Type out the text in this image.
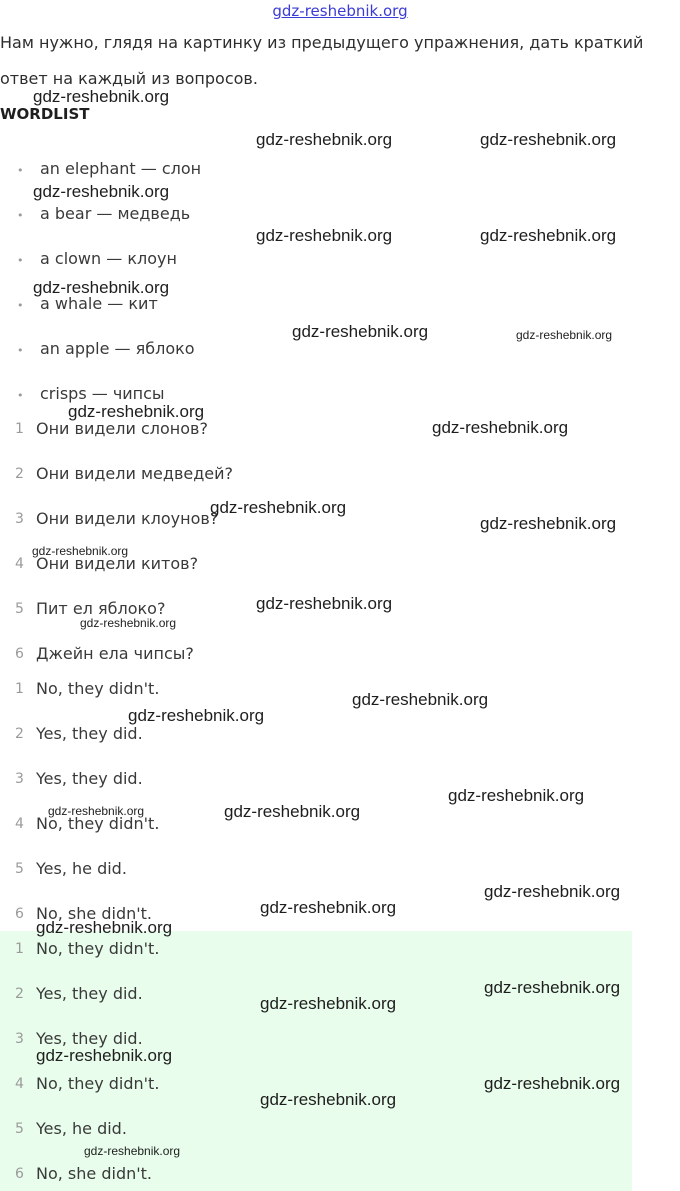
gdz-reshebnik.org
Нам нужно, глядя на картинку из предыдущего упражнения, дать краткий
ответ на каждый из вопросов.
WORDLIST
• an elephant — слон
• a bear — медведь
• a clown — клоун
• a whale — кит
• an apple — яблоко
• crisps — чипсы
1 Они видели слонов?
2 Они видели медведей?
3 Они видели клоунов?
4 Они видели китов?
5 Пит ел яблоко?
6 Джейн ела чипсы?
1 No, they didn't.
2 Yes, they did.
3 Yes, they did.
4 No, they didn't.
5 Yes, he did.
6 No, she didn't.
1 No, they didn't.
2 Yes, they did.
3 Yes, they did.
4 No, they didn't.
5 Yes, he did.
6 No, she didn't.
gdz-reshebnik.org
gdz-reshebnik.org	gdz-reshebnik.org
gdz-reshebnik.org
gdz-reshebnik.org	gdz-reshebnik.org
gdz-reshebnik.org
gdz-reshebnik.org	gdz-reshebnik.org
gdz-reshebnik.org
gdz-reshebnik.org
gdz-reshebnik.org
gdz-reshebnik.org
gdz-reshebnik.org
gdz-reshebnik.org
gdz-reshebnik.org
gdz-reshebnik.org
gdz-reshebnik.org
gdz-reshebnik.org
gdz-reshebnik.org	gdz-reshebnik.org
gdz-reshebnik.org
gdz-reshebnik.org
gdz-reshebnik.org
gdz-reshebnik.org
gdz-reshebnik.org
gdz-reshebnik.org
gdz-reshebnik.org
gdz-reshebnik.org
gdz-reshebnik.org
